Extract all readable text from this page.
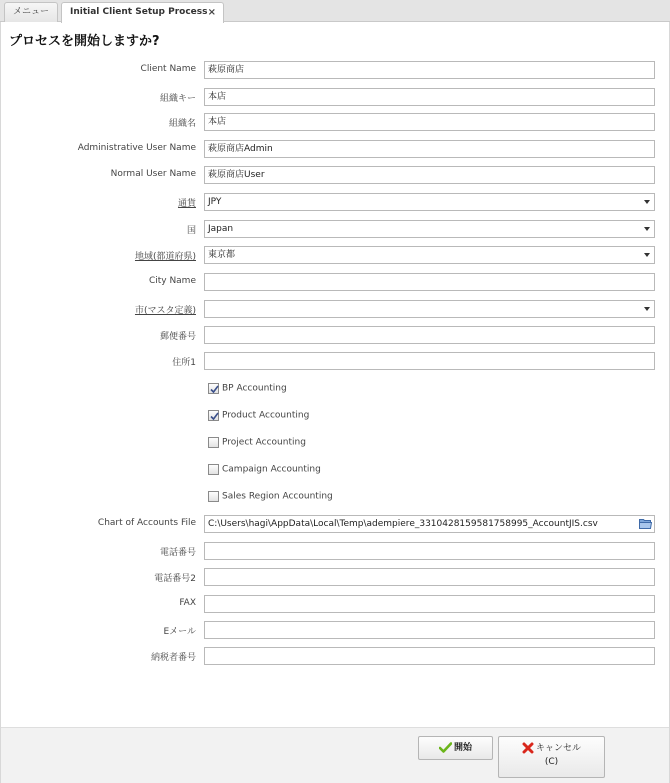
メニュー	Initial Client Setup Process ×
プロセスを開始しますか?
Client Name	萩原商店
組織キー	本店
組織名	本店
Administrative User Name	萩原商店Admin
Normal User Name	萩原商店User
通貨	JPY
国	Japan
地域(都道府県)	東京都
City Name
市(マスタ定義)
郵便番号
住所1
BP Accounting
Product Accounting
Project Accounting
Campaign Accounting
Sales Region Accounting
Chart of Accounts File	C:\Users\hagi\AppData\Local\Temp\adempiere_3310428159581758995_AccountJIS.csv
電話番号
電話番号2
FAX
Eメール
納税者番号
開始	キャンセル
(C)
